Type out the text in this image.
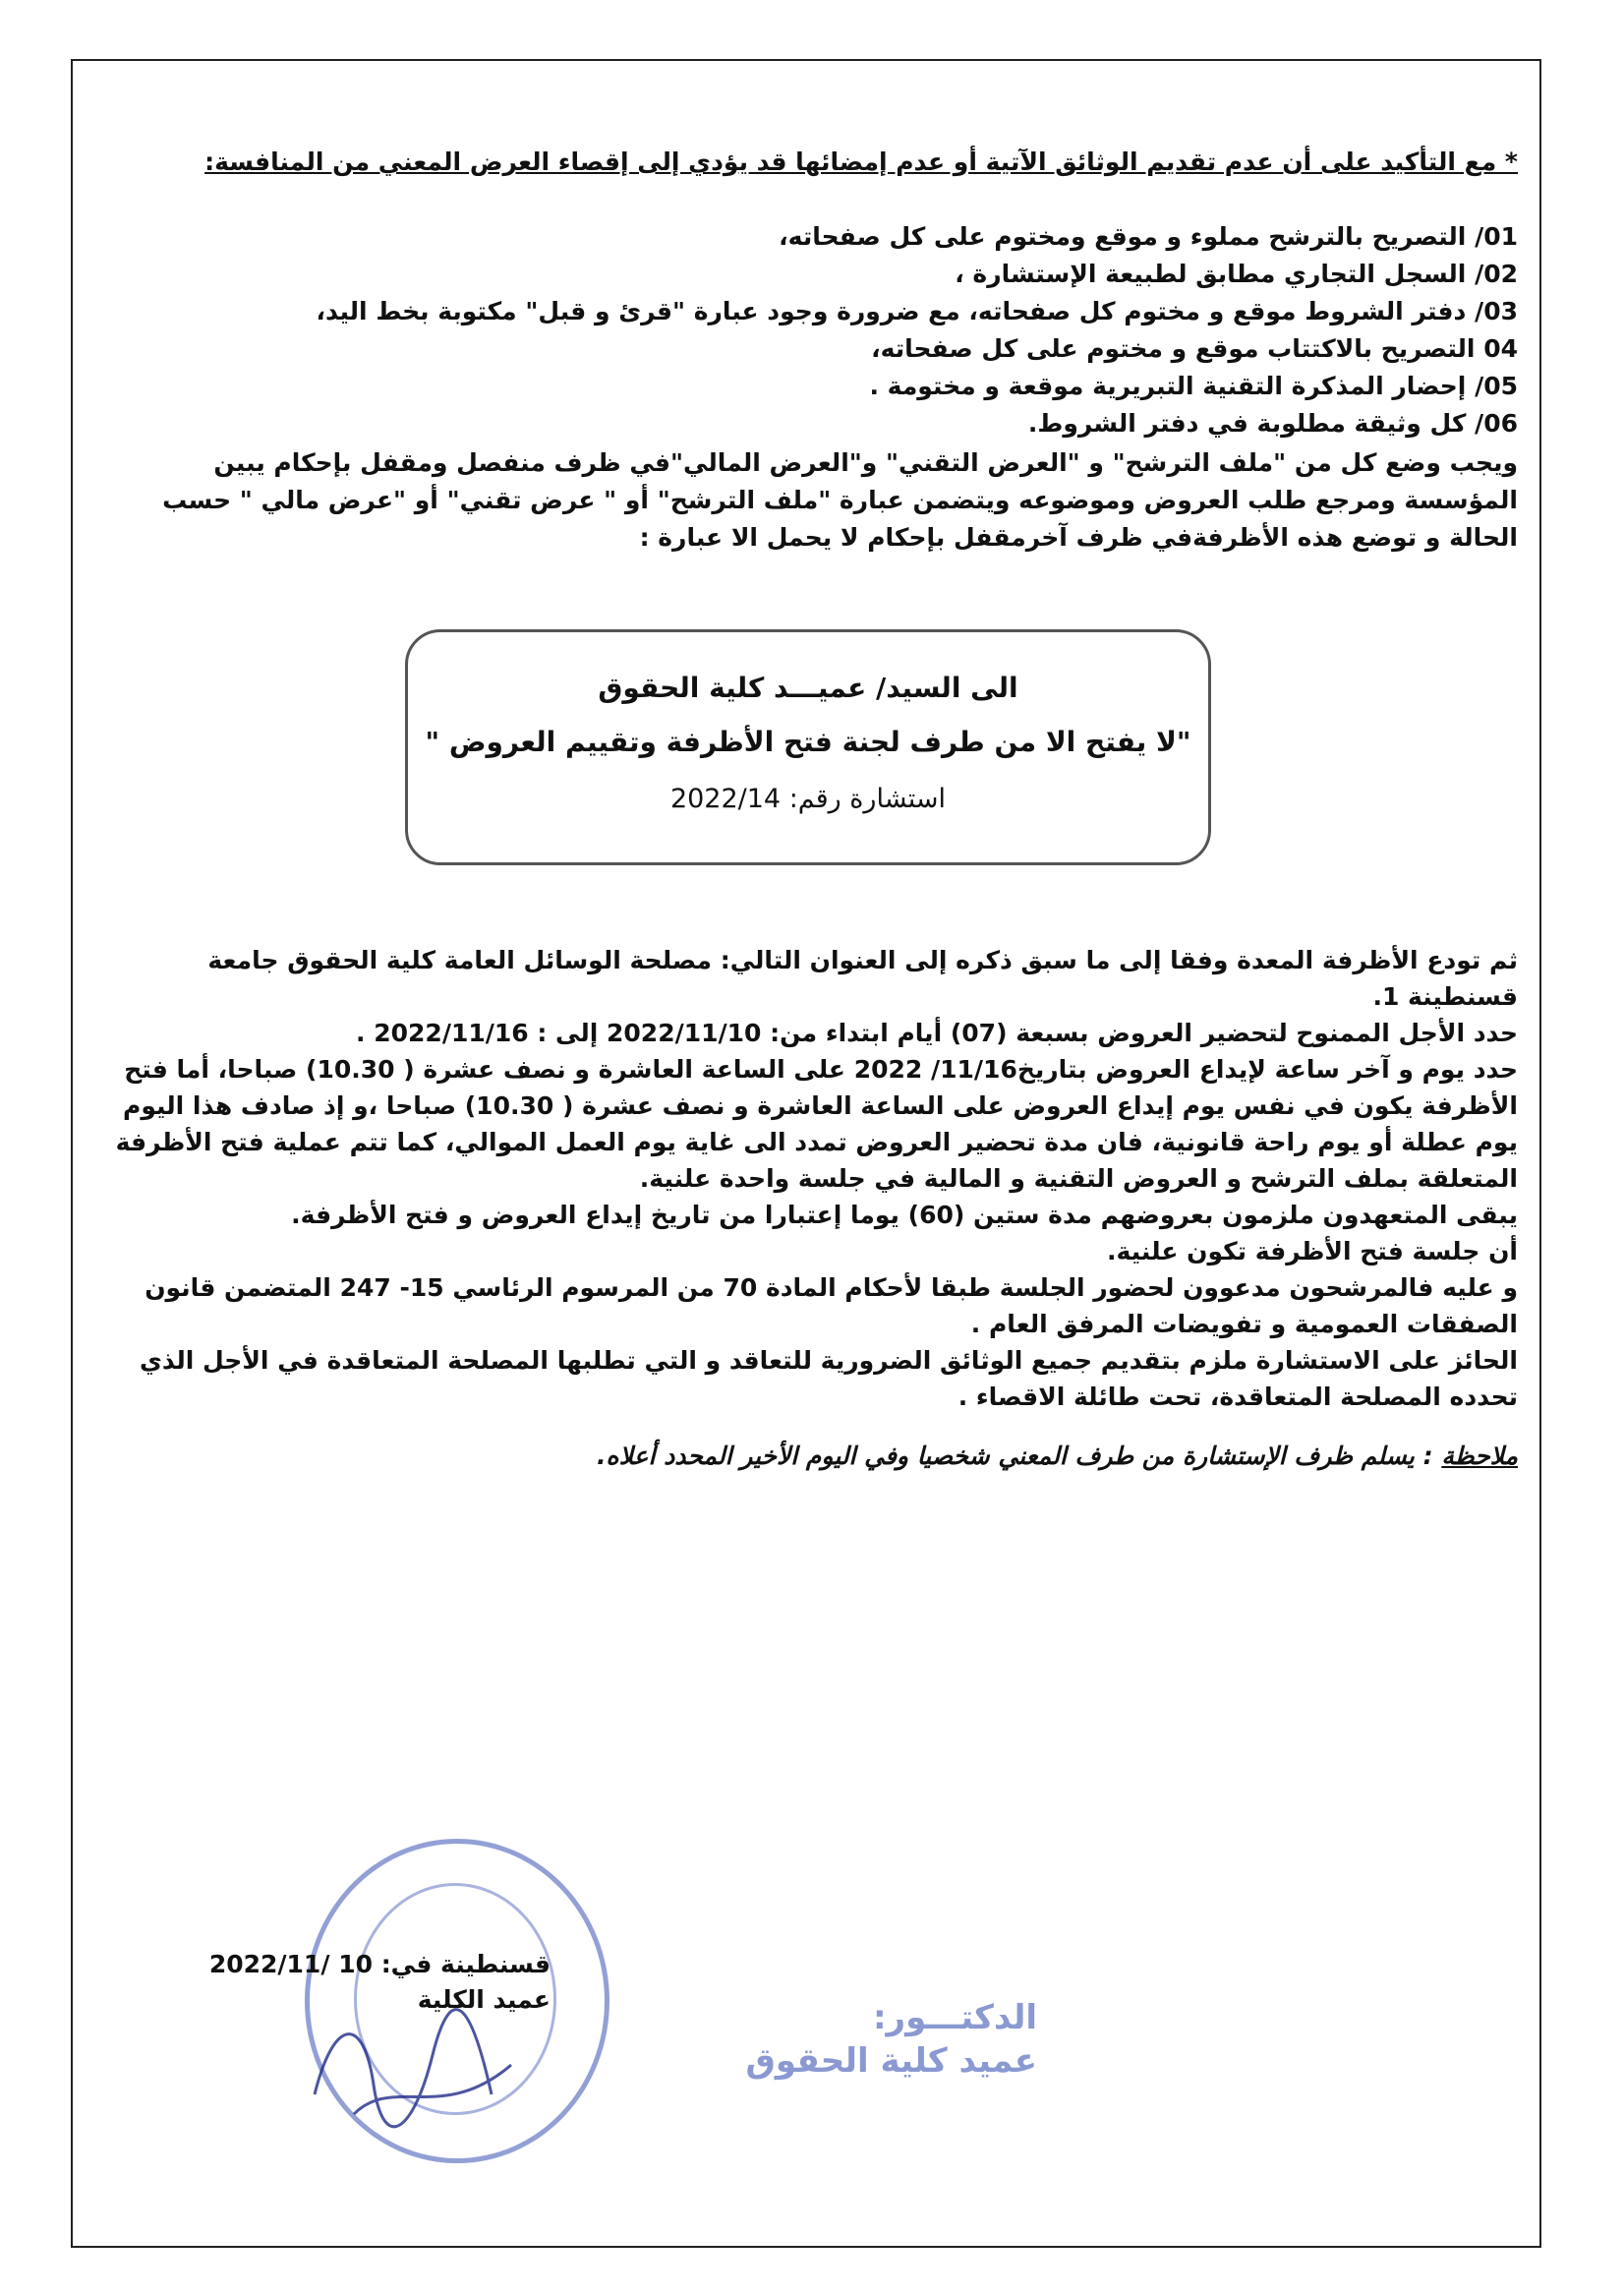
* مع التأكيد على أن عدم تقديم الوثائق الآتية أو عدم إمضائها قد يؤدي إلى إقصاء العرض المعني من المنافسة:
01/ التصريح بالترشح مملوء و موقع ومختوم على كل صفحاته،
02/ السجل التجاري مطابق لطبيعة الإستشارة ،
03/ دفتر الشروط موقع و مختوم كل صفحاته، مع ضرورة وجود عبارة "قرئ و قبل" مكتوبة بخط اليد،
04 التصريح بالاكتتاب موقع و مختوم على كل صفحاته،
05/ إحضار المذكرة التقنية التبريرية موقعة و مختومة .
06/ كل وثيقة مطلوبة في دفتر الشروط.
ويجب وضع كل من "ملف الترشح" و "العرض التقني" و"العرض المالي"في ظرف منفصل ومقفل بإحكام يبين المؤسسة ومرجع طلب العروض وموضوعه ويتضمن عبارة "ملف الترشح" أو " عرض تقني" أو "عرض مالي " حسب الحالة و توضع هذه الأظرفةفي ظرف آخرمقفل بإحكام لا يحمل الا عبارة :
الى السيد/ عميـــد كلية الحقوق
"لا يفتح الا من طرف لجنة فتح الأظرفة وتقييم العروض "
استشارة رقم: 2022/14

ثم تودع الأظرفة المعدة وفقا إلى ما سبق ذكره إلى العنوان التالي: مصلحة الوسائل العامة كلية الحقوق جامعة قسنطينة 1.

حدد الأجل الممنوح لتحضير العروض بسبعة (07) أيام ابتداء من: 2022/11/10 إلى : 2022/11/16 .

حدد يوم و آخر ساعة لإيداع العروض بتاريخ11/16/ 2022 على الساعة العاشرة و نصف عشرة ( 10.30) صباحا، أما فتح الأظرفة يكون في نفس يوم إيداع العروض على الساعة العاشرة و نصف عشرة ( 10.30) صباحا ،و إذ صادف هذا اليوم يوم عطلة أو يوم راحة قانونية، فان مدة تحضير العروض تمدد الى غاية يوم العمل الموالي، كما تتم عملية فتح الأظرفة المتعلقة بملف الترشح و العروض التقنية و المالية في جلسة واحدة علنية.

يبقى المتعهدون ملزمون بعروضهم مدة ستين (60) يوما إعتبارا من تاريخ إيداع العروض و فتح الأظرفة.

أن جلسة فتح الأظرفة تكون علنية.

و عليه فالمرشحون مدعوون لحضور الجلسة طبقا لأحكام المادة 70 من المرسوم الرئاسي 15- 247 المتضمن قانون الصفقات العمومية و تفويضات المرفق العام .

الحائز على الاستشارة ملزم بتقديم جميع الوثائق الضرورية للتعاقد و التي تطلبها المصلحة المتعاقدة في الأجل الذي تحدده المصلحة المتعاقدة، تحت طائلة الاقصاء .

ملاحظة : يسلم ظرف الإستشارة من طرف المعني شخصيا وفي اليوم الأخير المحدد أعلاه.
قسنطينة في: 10 /2022/11
عميد الكلية	الدكتـــور:
عميد كلية الحقوق
